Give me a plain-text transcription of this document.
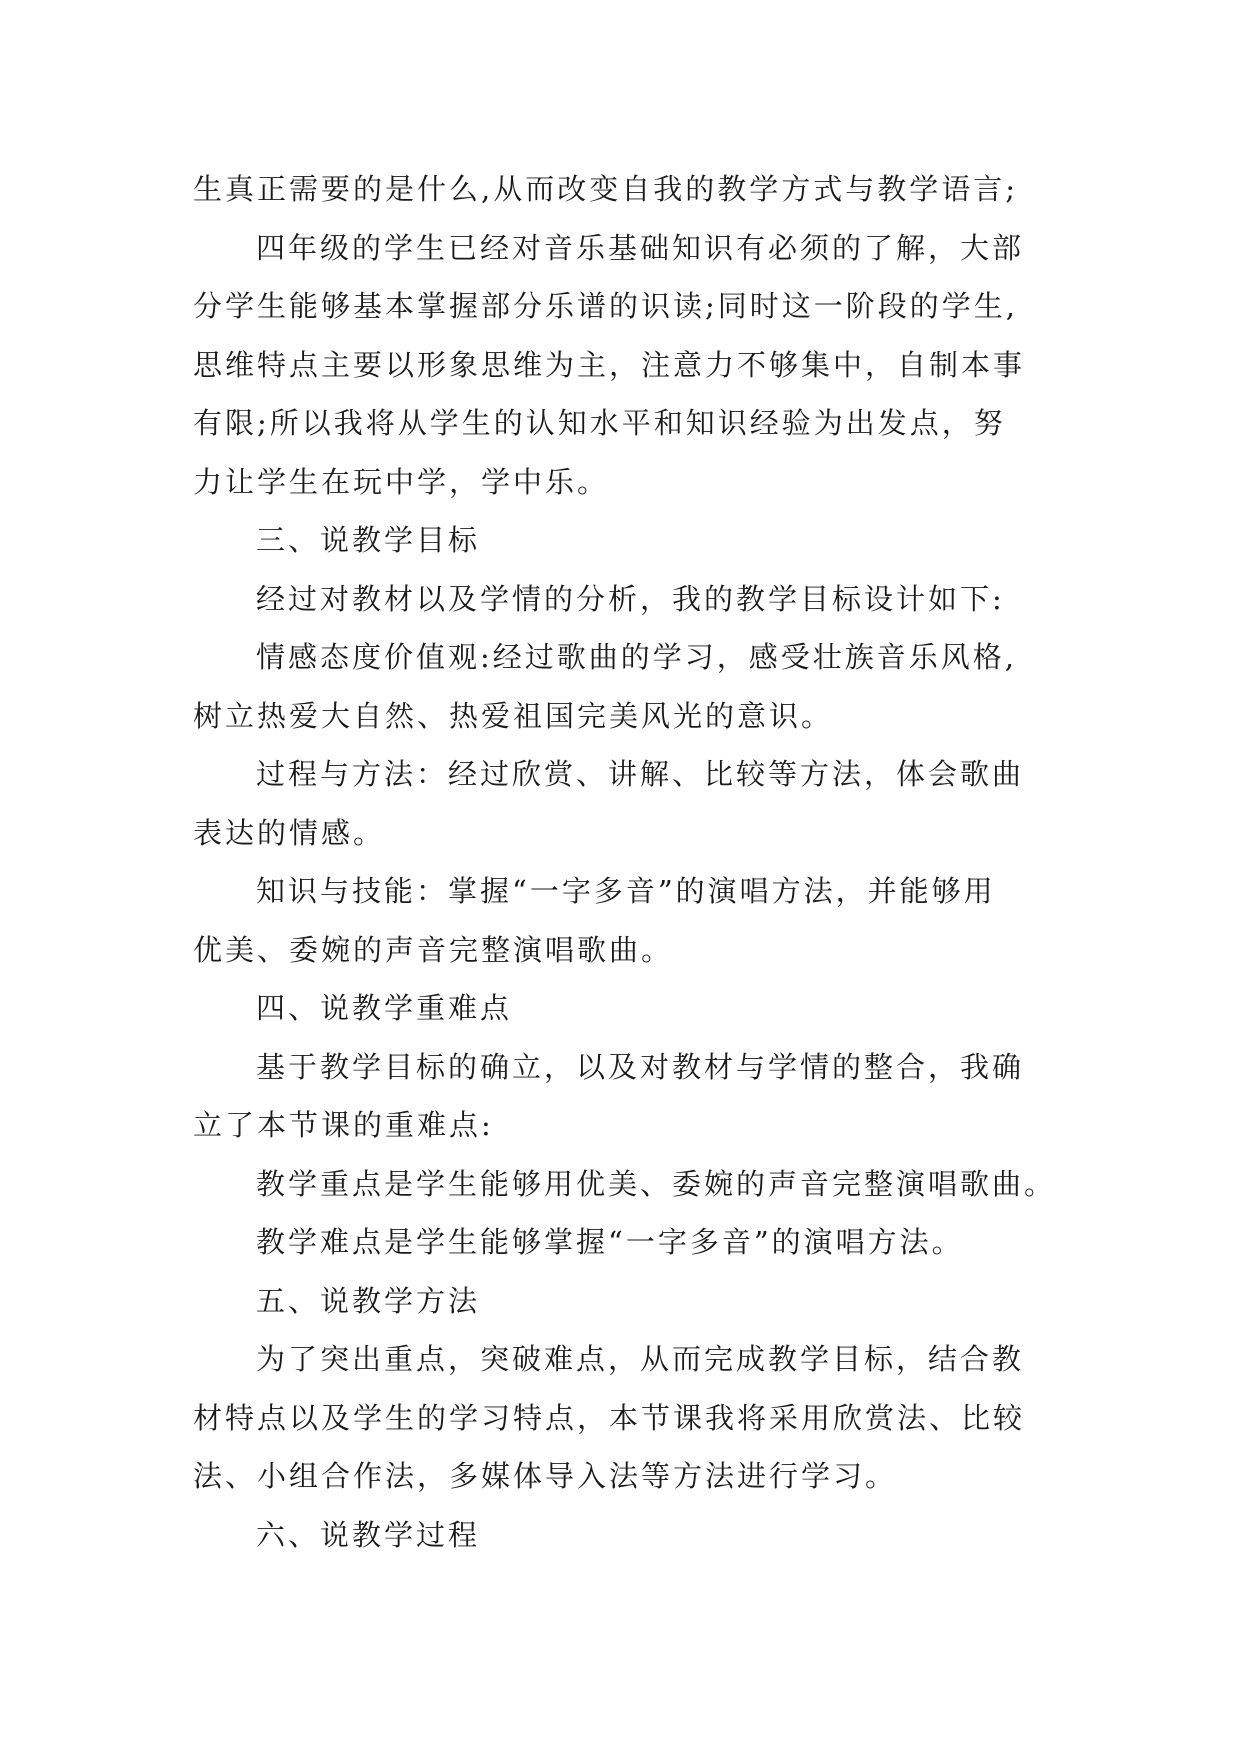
生真正需要的是什么,从而改变自我的教学方式与教学语言;
四年级的学生已经对音乐基础知识有必须的了解，大部
分学生能够基本掌握部分乐谱的识读;同时这一阶段的学生,
思维特点主要以形象思维为主，注意力不够集中，自制本事
有限;所以我将从学生的认知水平和知识经验为出发点，努
力让学生在玩中学，学中乐。
三、说教学目标
经过对教材以及学情的分析，我的教学目标设计如下:
情感态度价值观:经过歌曲的学习，感受壮族音乐风格,
树立热爱大自然、热爱祖国完美风光的意识。
过程与方法：经过欣赏、讲解、比较等方法，体会歌曲
表达的情感。
知识与技能：掌握“一字多音”的演唱方法，并能够用
优美、委婉的声音完整演唱歌曲。
四、说教学重难点
基于教学目标的确立，以及对教材与学情的整合，我确
立了本节课的重难点:
教学重点是学生能够用优美、委婉的声音完整演唱歌曲。
教学难点是学生能够掌握“一字多音”的演唱方法。
五、说教学方法
为了突出重点，突破难点，从而完成教学目标，结合教
材特点以及学生的学习特点，本节课我将采用欣赏法、比较
法、小组合作法，多媒体导入法等方法进行学习。
六、说教学过程
